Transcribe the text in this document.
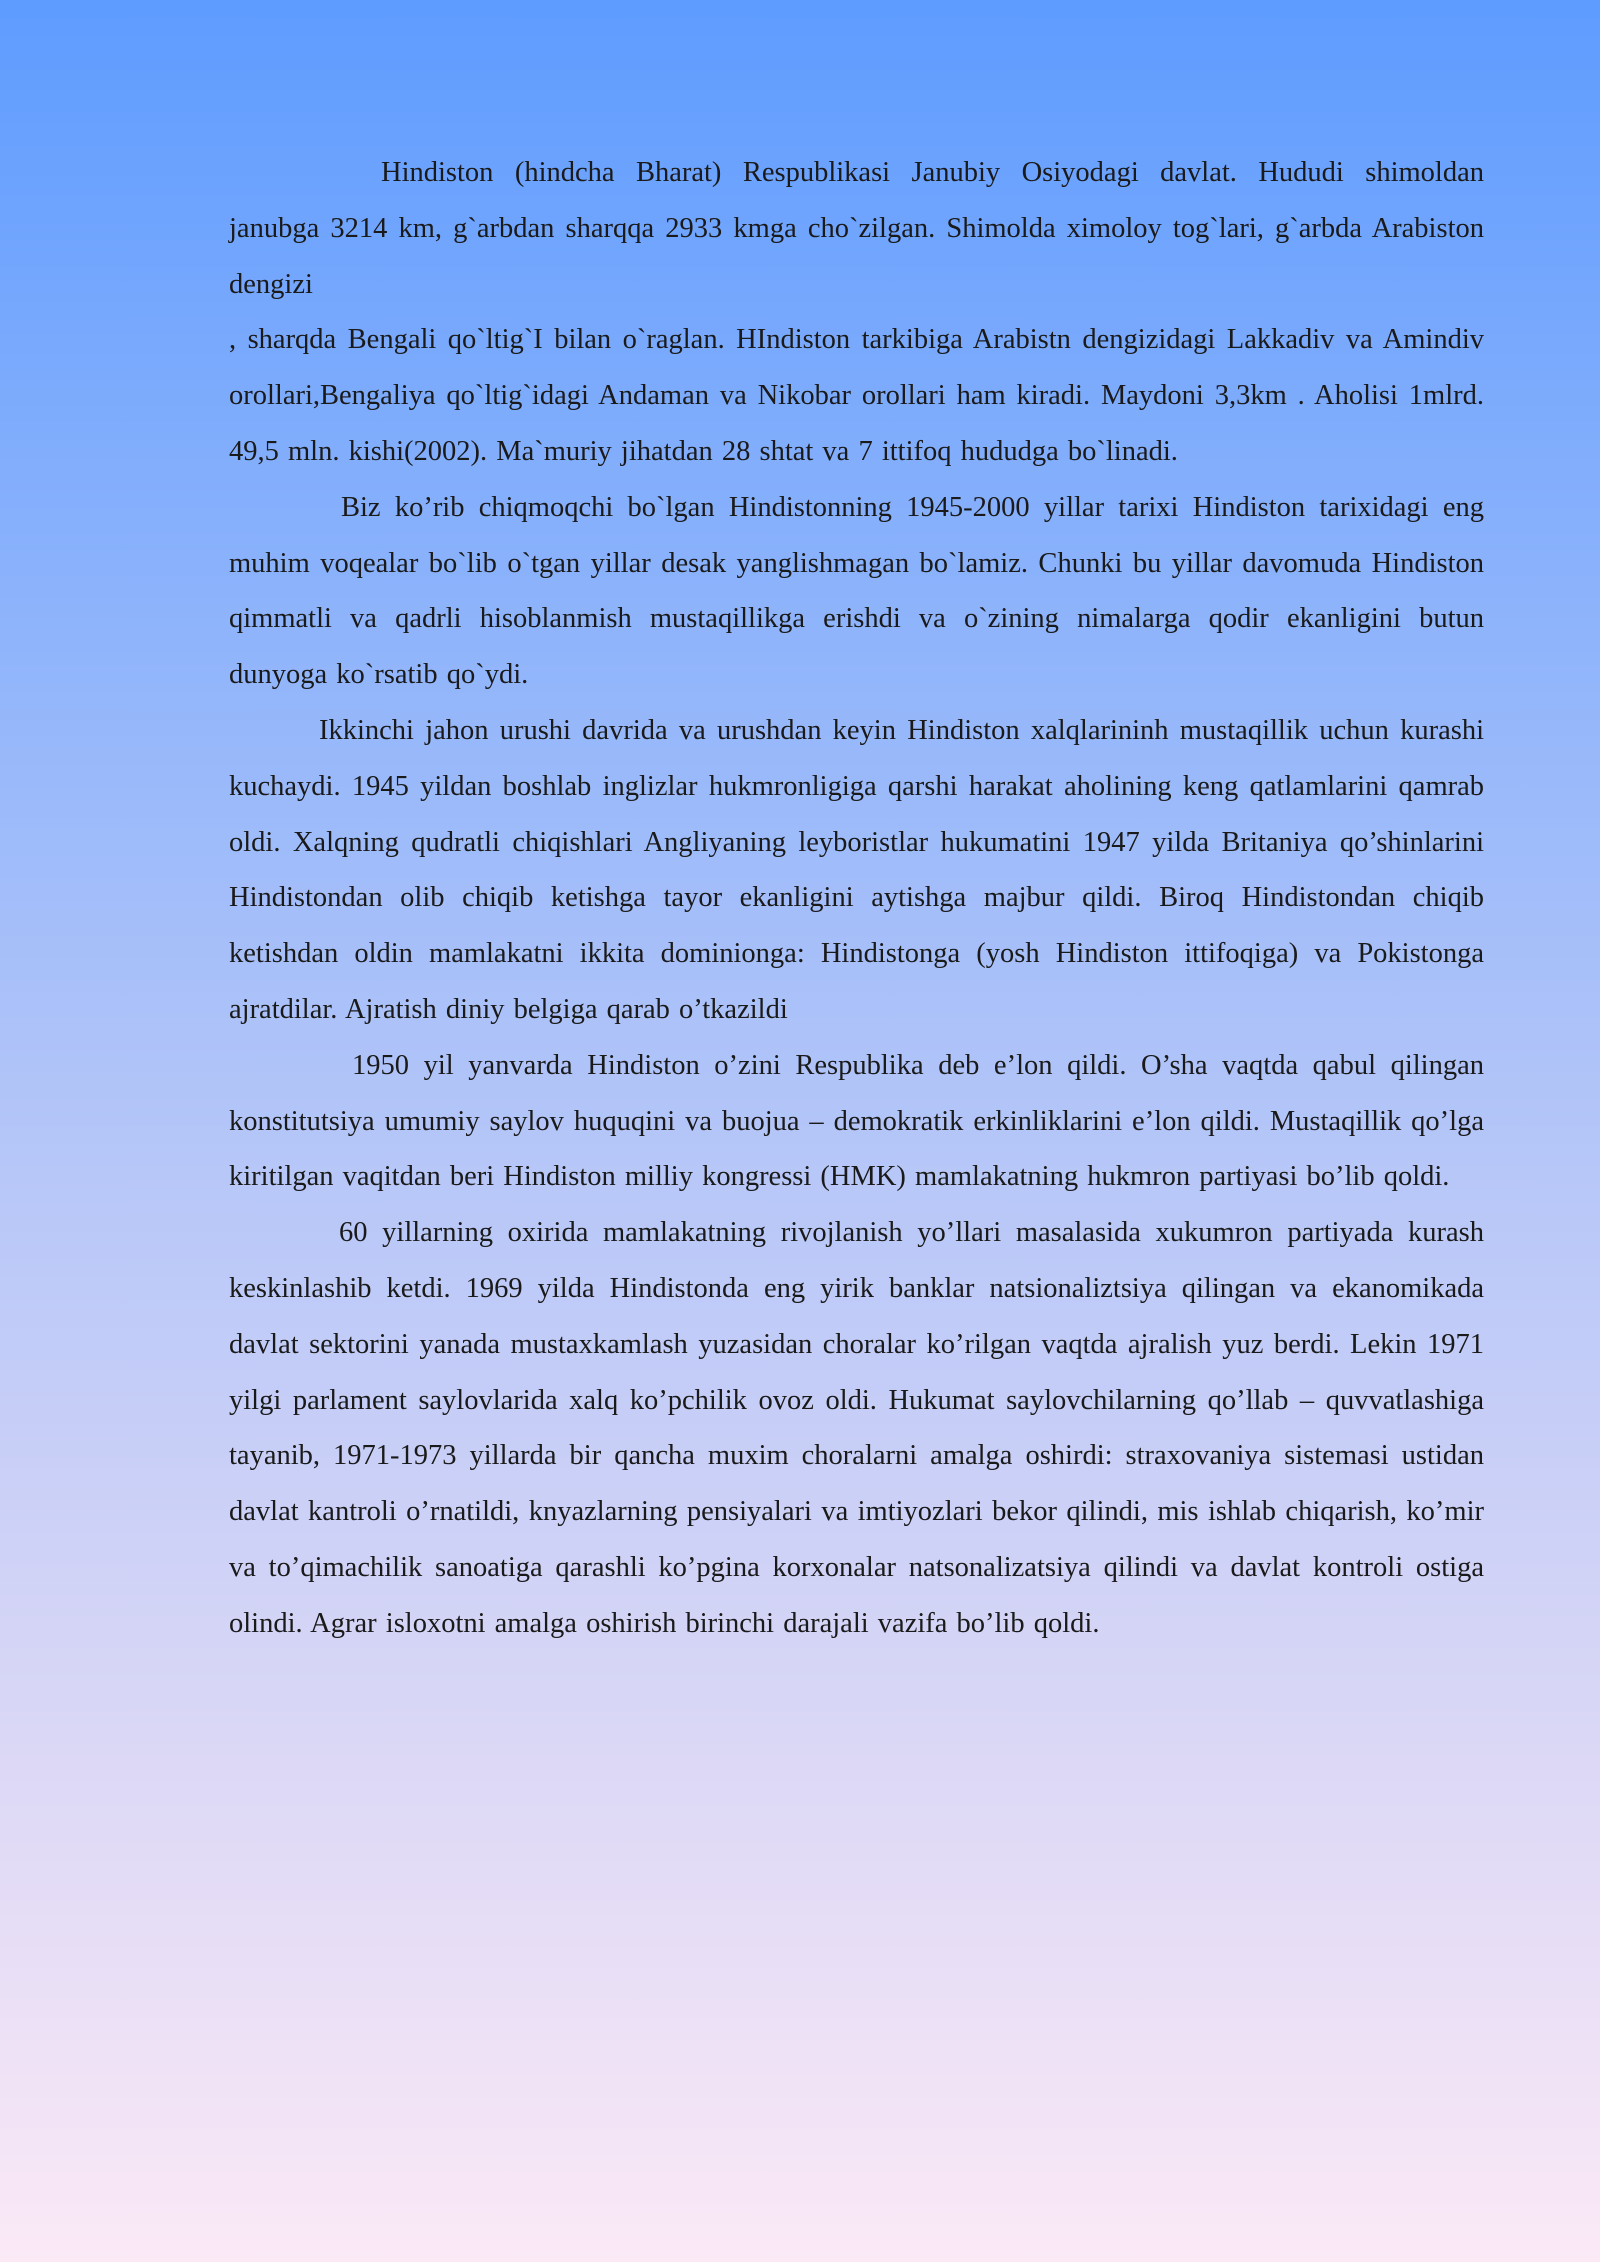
Hindiston (hindcha Bharat) Respublikasi Janubiy Osiyodagi davlat. Hududi shimoldan janubga 3214 km, g`arbdan sharqqa 2933 kmga cho`zilgan. Shimolda ximoloy tog`lari, g`arbda Arabiston dengizi

, sharqda Bengali qo`ltig`I bilan o`raglan. HIndiston tarkibiga Arabistn dengizidagi Lakkadiv va Amindiv orollari,Bengaliya qo`ltig`idagi Andaman va Nikobar orollari ham kiradi. Maydoni 3,3km . Aholisi 1mlrd. 49,5 mln. kishi(2002). Ma`muriy jihatdan 28 shtat va 7 ittifoq hududga bo`linadi.

Biz ko’rib chiqmoqchi bo`lgan Hindistonning 1945-2000 yillar tarixi Hindiston tarixidagi eng muhim voqealar bo`lib o`tgan yillar desak yanglishmagan bo`lamiz. Chunki bu yillar davomuda Hindiston qimmatli va qadrli hisoblanmish mustaqillikga erishdi va o`zining nimalarga qodir ekanligini butun dunyoga ko`rsatib qo`ydi.

Ikkinchi jahon urushi davrida va urushdan keyin Hindiston xalqlarininh mustaqillik uchun kurashi kuchaydi. 1945 yildan boshlab inglizlar hukmronligiga qarshi harakat aholining keng qatlamlarini qamrab oldi. Xalqning qudratli chiqishlari Angliyaning leyboristlar hukumatini 1947 yilda Britaniya qo’shinlarini Hindistondan olib chiqib ketishga tayor ekanligini aytishga majbur qildi. Biroq Hindistondan chiqib ketishdan oldin mamlakatni ikkita dominionga: Hindistonga (yosh Hindiston ittifoqiga) va Pokistonga ajratdilar. Ajratish diniy belgiga qarab o’tkazildi

1950 yil yanvarda Hindiston o’zini Respublika deb e’lon qildi. O’sha vaqtda qabul qilingan konstitutsiya umumiy saylov huquqini va buojua – demokratik erkinliklarini e’lon qildi. Mustaqillik qo’lga kiritilgan vaqitdan beri Hindiston milliy kongressi (HMK) mamlakatning hukmron partiyasi bo’lib qoldi.

60 yillarning oxirida mamlakatning rivojlanish yo’llari masalasida xukumron partiyada kurash keskinlashib ketdi. 1969 yilda Hindistonda eng yirik banklar natsionaliztsiya qilingan va ekanomikada davlat sektorini yanada mustaxkamlash yuzasidan choralar ko’rilgan vaqtda ajralish yuz berdi. Lekin 1971 yilgi parlament saylovlarida xalq ko’pchilik ovoz oldi. Hukumat saylovchilarning qo’llab – quvvatlashiga tayanib, 1971-1973 yillarda bir qancha muxim choralarni amalga oshirdi: straxovaniya sistemasi ustidan davlat kantroli o’rnatildi, knyazlarning pensiyalari va imtiyozlari bekor qilindi, mis ishlab chiqarish, ko’mir va to’qimachilik sanoatiga qarashli ko’pgina korxonalar natsonalizatsiya qilindi va davlat kontroli ostiga olindi. Agrar isloxotni amalga oshirish birinchi darajali vazifa bo’lib qoldi.
